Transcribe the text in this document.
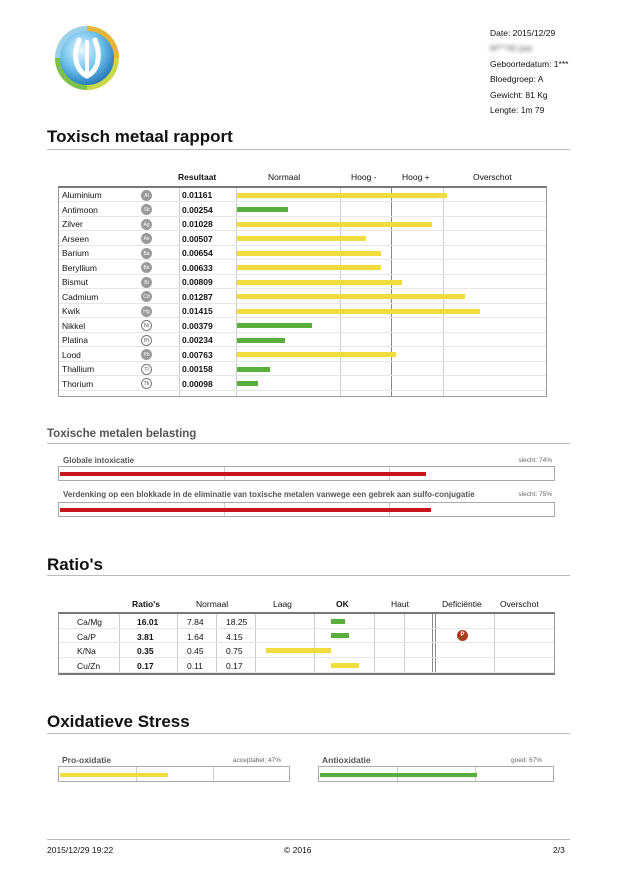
Date: 2015/12/29
M***40 jaar
Geboortedatum: 1***
Bloedgroep: A
Gewicht: 81 Kg
Lengte: 1m 79
Toxisch metaal rapport
Resultaat	Normaal	Hoog -	Hoog +	Overschot
Aluminium	Al	0.01161
Antimoon	Sb	0.00254
Zilver	Ag	0.01028
Arseen	As	0.00507
Barium	Ba	0.00654
Beryllium	Be	0.00633
Bismut	Bi	0.00809
Cadmium	Cd	0.01287
Kwik	Hg	0.01415
Nikkel	Ni	0.00379
Platina	Pt	0.00234
Lood	Pb	0.00763
Thallium	Tl	0.00158
Thorium	Th	0.00098
Toxische metalen belasting
Globale intoxicatie	slecht: 74%
slecht: 75%
Verdenking op een blokkade in de eliminatie van toxische metalen vanwege een gebrek aan sulfo-conjugatie
Ratio's
Ratio's	Normaal	Laag	OK	Haut	Deficiëntie Overschot
Ca/Mg	16.01	7.84	18.25
Ca/P	3.81	1.64	4.15	P
K/Na	0.35	0.45	0.75
Cu/Zn	0.17	0.11	0.17
Oxidatieve Stress
Pro-oxidatie	acceptabel: 47%	Antioxidatie	goed: 67%
2015/12/29 19:22	© 2016	2/3
